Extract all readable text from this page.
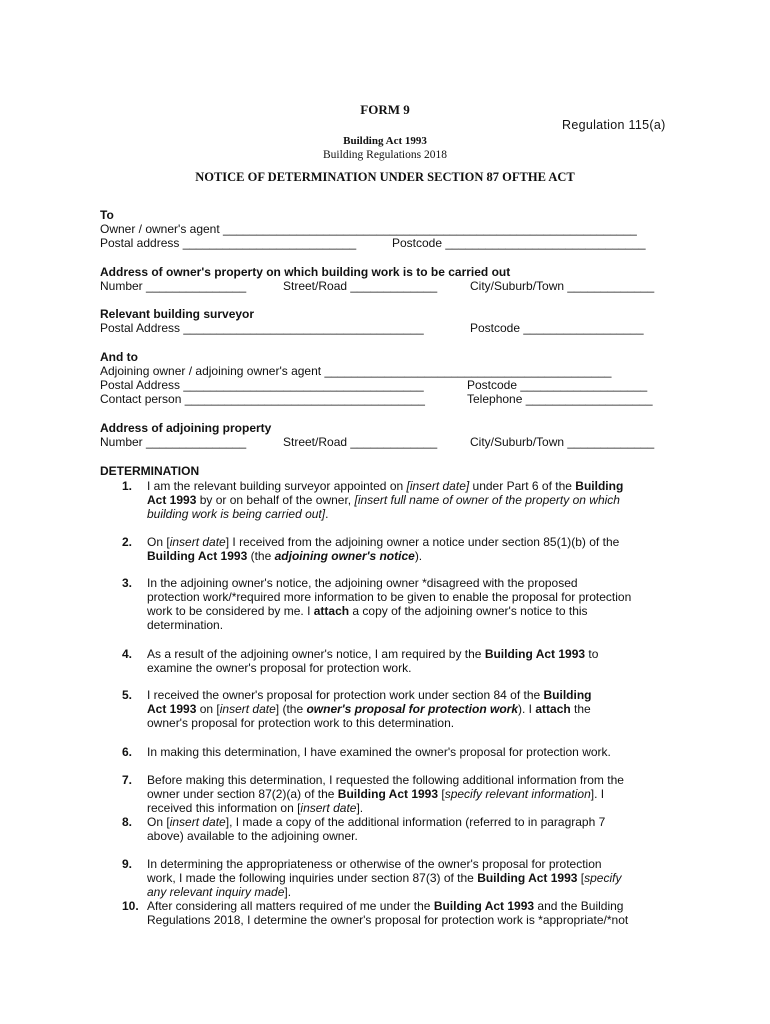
FORM 9
Regulation 115(a)
Building Act 1993
Building Regulations 2018
NOTICE OF DETERMINATION UNDER SECTION 87 OFTHE ACT
To
Owner / owner's agent ______________________________________________________________
Postal address __________________________	Postcode ______________________________
Address of owner's property on which building work is to be carried out
Number _______________	Street/Road _____________	City/Suburb/Town _____________
Relevant building surveyor
Postal Address ____________________________________	Postcode __________________
And to
Adjoining owner / adjoining owner's agent ___________________________________________
Postal Address ____________________________________	Postcode ___________________
Contact person ____________________________________	Telephone ___________________
Address of adjoining property
Number _______________	Street/Road _____________	City/Suburb/Town _____________
DETERMINATION
1. I am the relevant building surveyor appointed on [insert date] under Part 6 of the Building
Act 1993 by or on behalf of the owner, [insert full name of owner of the property on which
building work is being carried out].
2. On [insert date] I received from the adjoining owner a notice under section 85(1)(b) of the
Building Act 1993 (the adjoining owner's notice).
3. In the adjoining owner's notice, the adjoining owner *disagreed with the proposed
protection work/*required more information to be given to enable the proposal for protection
work to be considered by me. I attach a copy of the adjoining owner's notice to this
determination.
4. As a result of the adjoining owner's notice, I am required by the Building Act 1993 to
examine the owner's proposal for protection work.
5. I received the owner's proposal for protection work under section 84 of the Building
Act 1993 on [insert date] (the owner's proposal for protection work). I attach the
owner's proposal for protection work to this determination.
6. In making this determination, I have examined the owner's proposal for protection work.
7. Before making this determination, I requested the following additional information from the
owner under section 87(2)(a) of the Building Act 1993 [specify relevant information]. I
received this information on [insert date].
8. On [insert date], I made a copy of the additional information (referred to in paragraph 7
above) available to the adjoining owner.
9. In determining the appropriateness or otherwise of the owner's proposal for protection
work, I made the following inquiries under section 87(3) of the Building Act 1993 [specify
any relevant inquiry made].
10. After considering all matters required of me under the Building Act 1993 and the Building
Regulations 2018, I determine the owner's proposal for protection work is *appropriate/*not
